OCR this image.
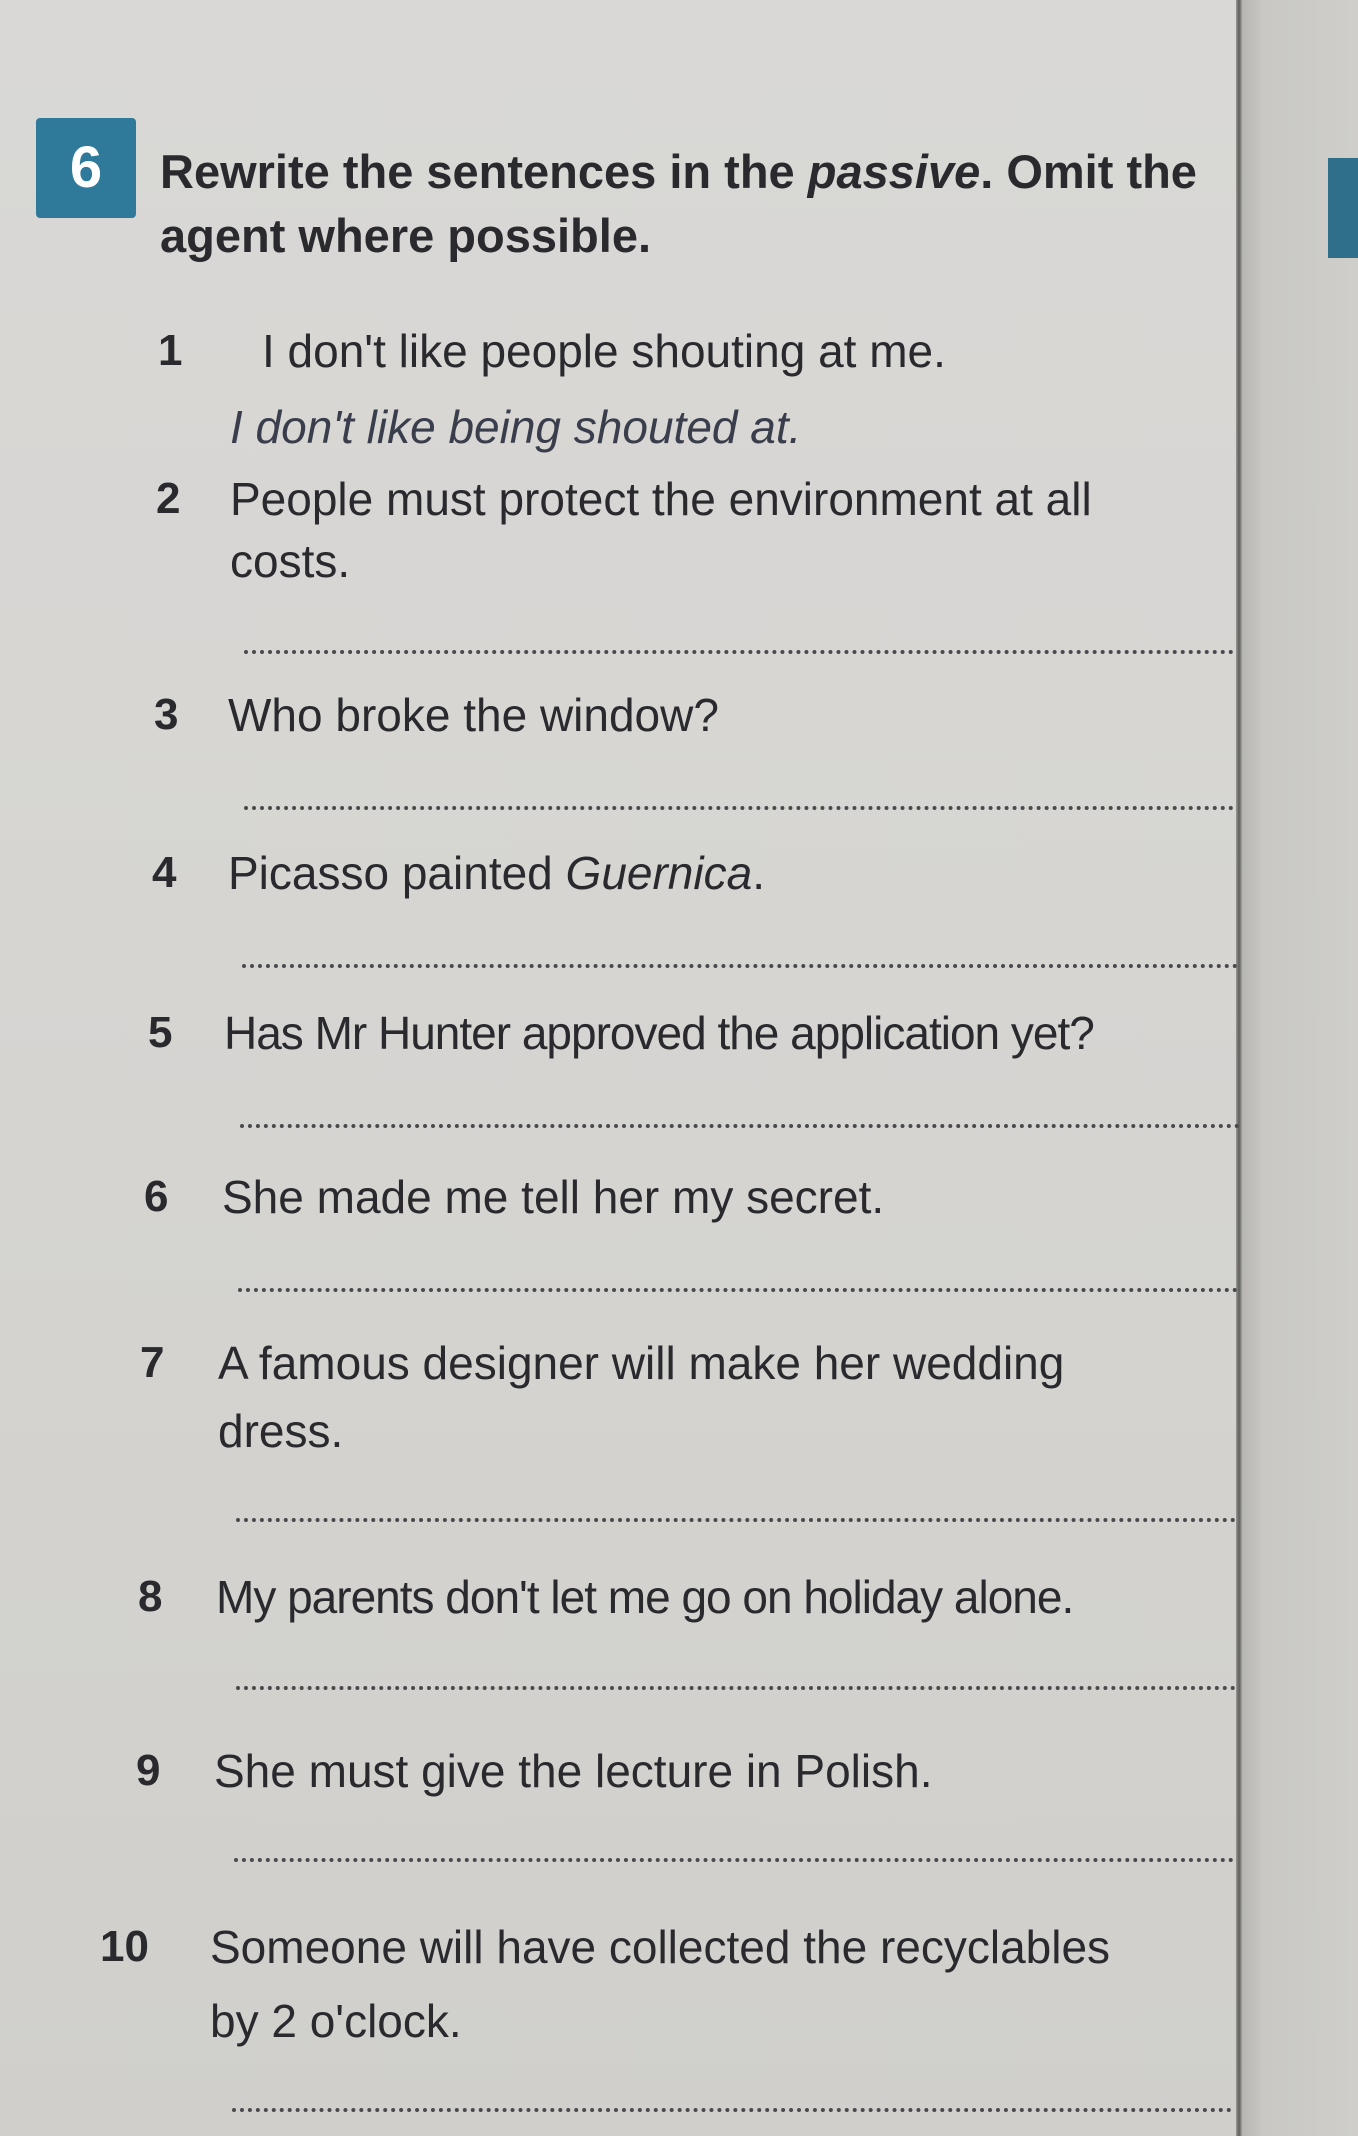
6	Rewrite the sentences in the passive. Omit the agent where possible.
1 I don't like people shouting at me.
I don't like being shouted at.
2 People must protect the environment at all
costs.
3 Who broke the window?
4 Picasso painted Guernica.
5 Has Mr Hunter approved the application yet?
6 She made me tell her my secret.
7 A famous designer will make her wedding
dress.
8 My parents don't let me go on holiday alone.
9 She must give the lecture in Polish.
10 Someone will have collected the recyclables
by 2 o'clock.
